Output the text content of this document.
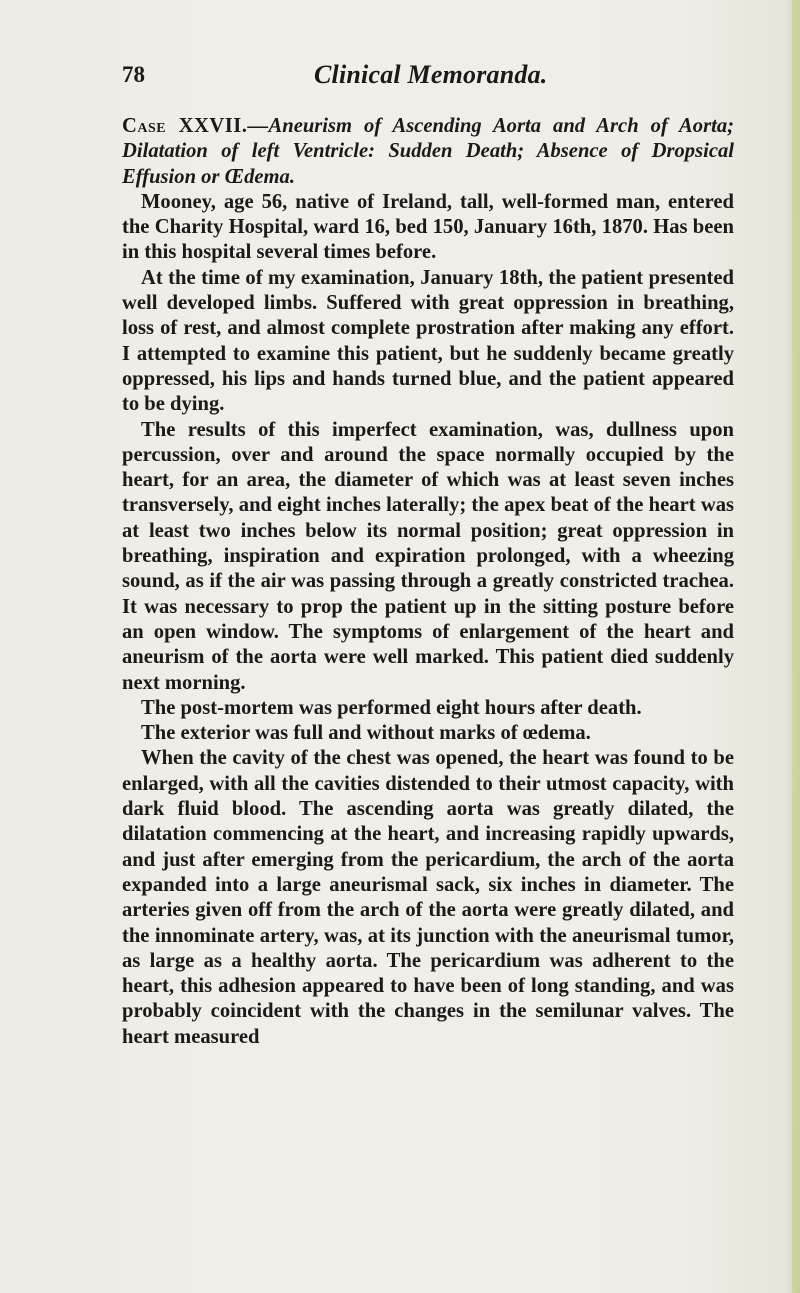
78	Clinical Memoranda.

Case XXVII.—Aneurism of Ascending Aorta and Arch of Aorta; Dilatation of left Ventricle: Sudden Death; Absence of Dropsical Effusion or Œdema.

Mooney, age 56, native of Ireland, tall, well-formed man, entered the Charity Hospital, ward 16, bed 150, January 16th, 1870. Has been in this hospital several times before.

At the time of my examination, January 18th, the patient presented well developed limbs. Suffered with great oppression in breathing, loss of rest, and almost complete prostration after making any effort. I attempted to examine this patient, but he suddenly became greatly oppressed, his lips and hands turned blue, and the patient appeared to be dying.

The results of this imperfect examination, was, dullness upon percussion, over and around the space normally occupied by the heart, for an area, the diameter of which was at least seven inches transversely, and eight inches laterally; the apex beat of the heart was at least two inches below its normal position; great oppression in breathing, inspiration and expiration prolonged, with a wheezing sound, as if the air was passing through a greatly constricted trachea. It was necessary to prop the patient up in the sitting posture before an open window. The symptoms of enlargement of the heart and aneurism of the aorta were well marked. This patient died suddenly next morning.

The post-mortem was performed eight hours after death.

The exterior was full and without marks of œdema.

When the cavity of the chest was opened, the heart was found to be enlarged, with all the cavities distended to their utmost capacity, with dark fluid blood. The ascending aorta was greatly dilated, the dilatation commencing at the heart, and increasing rapidly upwards, and just after emerging from the pericardium, the arch of the aorta expanded into a large aneurismal sack, six inches in diameter. The arteries given off from the arch of the aorta were greatly dilated, and the innominate artery, was, at its junction with the aneurismal tumor, as large as a healthy aorta. The pericardium was adherent to the heart, this adhesion appeared to have been of long standing, and was probably coincident with the changes in the semilunar valves. The heart measured
